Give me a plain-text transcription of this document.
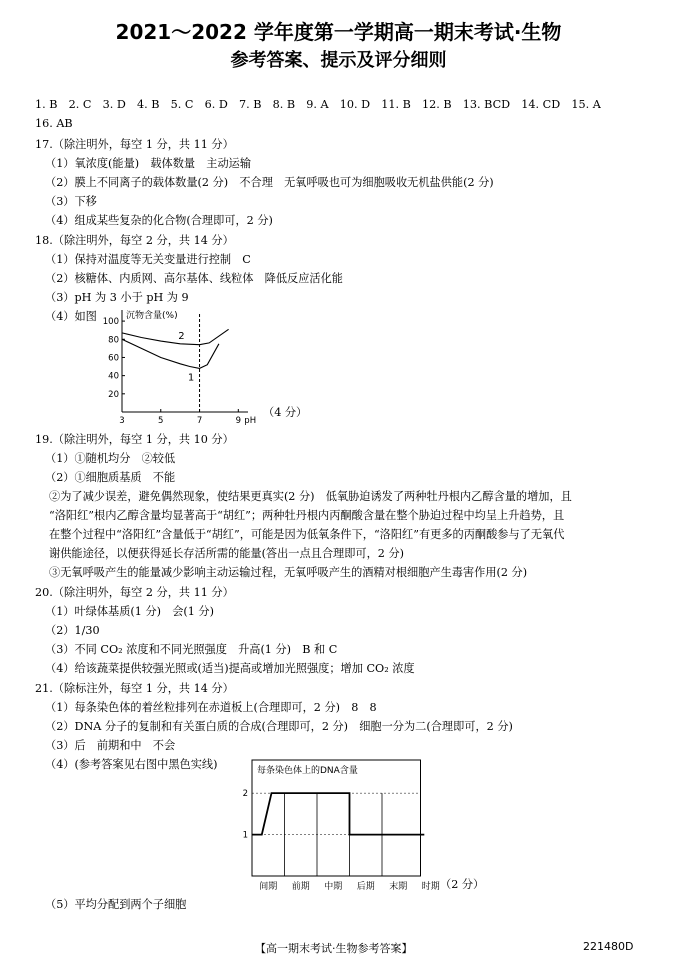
2021～2022 学年度第一学期高一期末考试·生物
参考答案、提示及评分细则
1. B　2. C　3. D　4. B　5. C　6. D　7. B　8. B　9. A　10. D　11. B　12. B　13. BCD　14. CD　15. A
16. AB
17.（除注明外，每空 1 分，共 11 分）
（1）氧浓度(能量)　载体数量　主动运输
（2）膜上不同离子的载体数量(2 分)　不合理　无氧呼吸也可为细胞吸收无机盐供能(2 分)
（3）下移
（4）组成某些复杂的化合物(合理即可，2 分)
18.（除注明外，每空 2 分，共 14 分）
（1）保持对温度等无关变量进行控制　C
（2）核糖体、内质网、高尔基体、线粒体　降低反应活化能
（3）pH 为 3 小于 pH 为 9
（4）如图	沉物含量(%)
20
40
60
80
100
3	5	7	9 pH
1
2
（4 分）
19.（除注明外，每空 1 分，共 10 分）
（1）①随机均分　②较低
（2）①细胞质基质　不能
②为了减少误差，避免偶然现象，使结果更真实(2 分)　低氧胁迫诱发了两种牡丹根内乙醇含量的增加，且
“洛阳红”根内乙醇含量均显著高于“胡红”；两种牡丹根内丙酮酸含量在整个胁迫过程中均呈上升趋势，且
在整个过程中“洛阳红”含量低于“胡红”，可能是因为低氧条件下，“洛阳红”有更多的丙酮酸参与了无氧代
谢供能途径，以便获得延长存活所需的能量(答出一点且合理即可，2 分)
③无氧呼吸产生的能量减少影响主动运输过程，无氧呼吸产生的酒精对根细胞产生毒害作用(2 分)
20.（除注明外，每空 2 分，共 11 分）
（1）叶绿体基质(1 分)　会(1 分)
（2）1/30
（3）不同 CO₂ 浓度和不同光照强度　升高(1 分)　B 和 C
（4）给该蔬菜提供较强光照或(适当)提高或增加光照强度；增加 CO₂ 浓度
21.（除标注外，每空 1 分，共 14 分）
（1）每条染色体的着丝粒排列在赤道板上(合理即可，2 分)　8　8
（2）DNA 分子的复制和有关蛋白质的合成(合理即可，2 分)　细胞一分为二(合理即可，2 分)
（3）后　前期和中　不会
（4）(参考答案见右图中黑色实线)	每条染色体上的DNA含量
1
2
间期 前期 中期 后期 末期 时期 （2 分）
（5）平均分配到两个子细胞
【高一期末考试·生物参考答案】	221480D
